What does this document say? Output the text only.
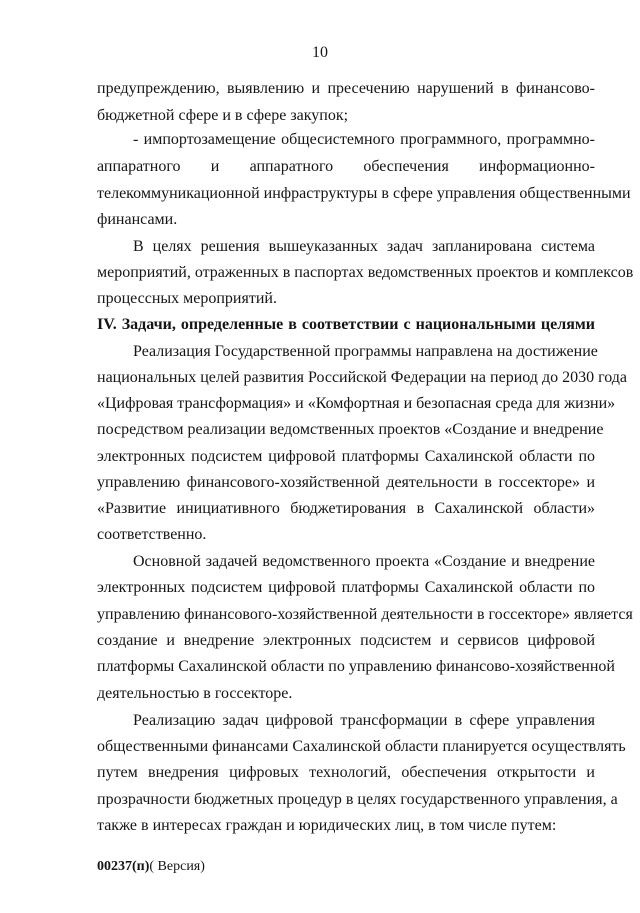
10
предупреждению, выявлению и пресечению нарушений в финансово-
бюджетной сфере и в сфере закупок;
- импортозамещение общесистемного программного, программно-
аппаратного и аппаратного обеспечения информационно-
телекоммуникационной инфраструктуры в сфере управления общественными
финансами.
В целях решения вышеуказанных задач запланирована система
мероприятий, отраженных в паспортах ведомственных проектов и комплексов
процессных мероприятий.
IV. Задачи, определенные в соответствии с национальными целями
Реализация Государственной программы направлена на достижение
национальных целей развития Российской Федерации на период до 2030 года
«Цифровая трансформация» и «Комфортная и безопасная среда для жизни»
посредством реализации ведомственных проектов «Создание и внедрение
электронных подсистем цифровой платформы Сахалинской области по
управлению финансового-хозяйственной деятельности в госсекторе» и
«Развитие инициативного бюджетирования в Сахалинской области»
соответственно.
Основной задачей ведомственного проекта «Создание и внедрение
электронных подсистем цифровой платформы Сахалинской области по
управлению финансового-хозяйственной деятельности в госсекторе» является
создание и внедрение электронных подсистем и сервисов цифровой
платформы Сахалинской области по управлению финансово-хозяйственной
деятельностью в госсекторе.
Реализацию задач цифровой трансформации в сфере управления
общественными финансами Сахалинской области планируется осуществлять
путем внедрения цифровых технологий, обеспечения открытости и
прозрачности бюджетных процедур в целях государственного управления, а
также в интересах граждан и юридических лиц, в том числе путем:
00237(п)( Версия)
